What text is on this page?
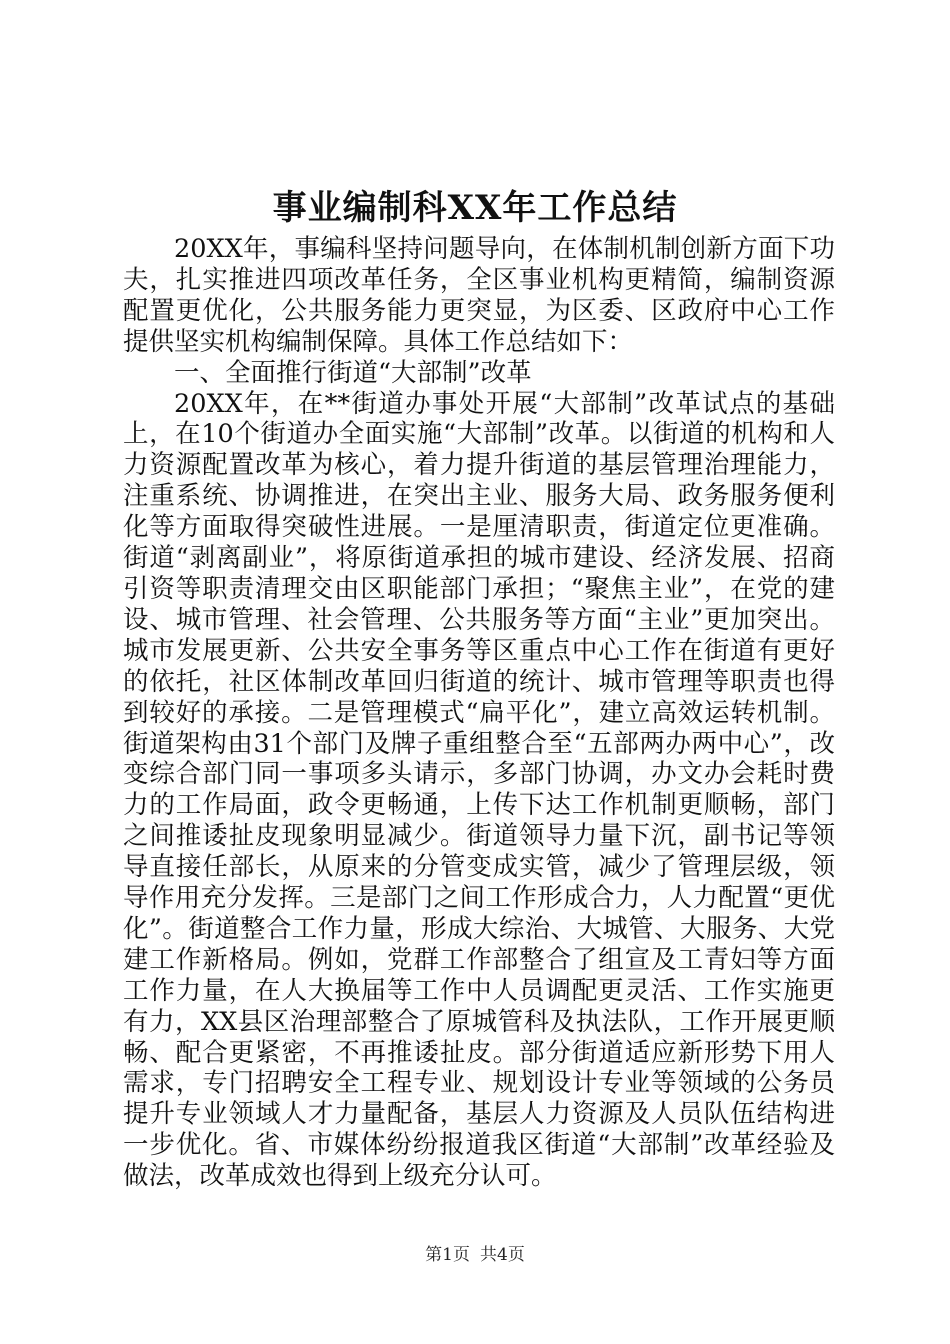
事业编制科XX年工作总结

20XX年，事编科坚持问题导向，在体制机制创新方面下功夫，扎实推进四项改革任务，全区事业机构更精简，编制资源配置更优化，公共服务能力更突显，为区委、区政府中心工作提供坚实机构编制保障。具体工作总结如下：

一、全面推行街道“大部制”改革

20XX年，在**街道办事处开展“大部制”改革试点的基础上，在10个街道办全面实施“大部制”改革。以街道的机构和人力资源配置改革为核心，着力提升街道的基层管理治理能力，注重系统、协调推进，在突出主业、服务大局、政务服务便利化等方面取得突破性进展。一是厘清职责，街道定位更准确。街道“剥离副业”，将原街道承担的城市建设、经济发展、招商引资等职责清理交由区职能部门承担；“聚焦主业”，在党的建设、城市管理、社会管理、公共服务等方面“主业”更加突出。城市发展更新、公共安全事务等区重点中心工作在街道有更好的依托，社区体制改革回归街道的统计、城市管理等职责也得到较好的承接。二是管理模式“扁平化”，建立高效运转机制。街道架构由31个部门及牌子重组整合至“五部两办两中心”，改变综合部门同一事项多头请示，多部门协调，办文办会耗时费力的工作局面，政令更畅通，上传下达工作机制更顺畅，部门之间推诿扯皮现象明显减少。街道领导力量下沉，副书记等领导直接任部长，从原来的分管变成实管，减少了管理层级，领导作用充分发挥。三是部门之间工作形成合力，人力配置“更优化”。街道整合工作力量，形成大综治、大城管、大服务、大党建工作新格局。例如，党群工作部整合了组宣及工青妇等方面工作力量，在人大换届等工作中人员调配更灵活、工作实施更有力，XX县区治理部整合了原城管科及执法队，工作开展更顺畅、配合更紧密，不再推诿扯皮。部分街道适应新形势下用人需求，专门招聘安全工程专业、规划设计专业等领域的公务员提升专业领域人才力量配备，基层人力资源及人员队伍结构进一步优化。省、市媒体纷纷报道我区街道“大部制”改革经验及做法，改革成效也得到上级充分认可。

第1页 共4页
